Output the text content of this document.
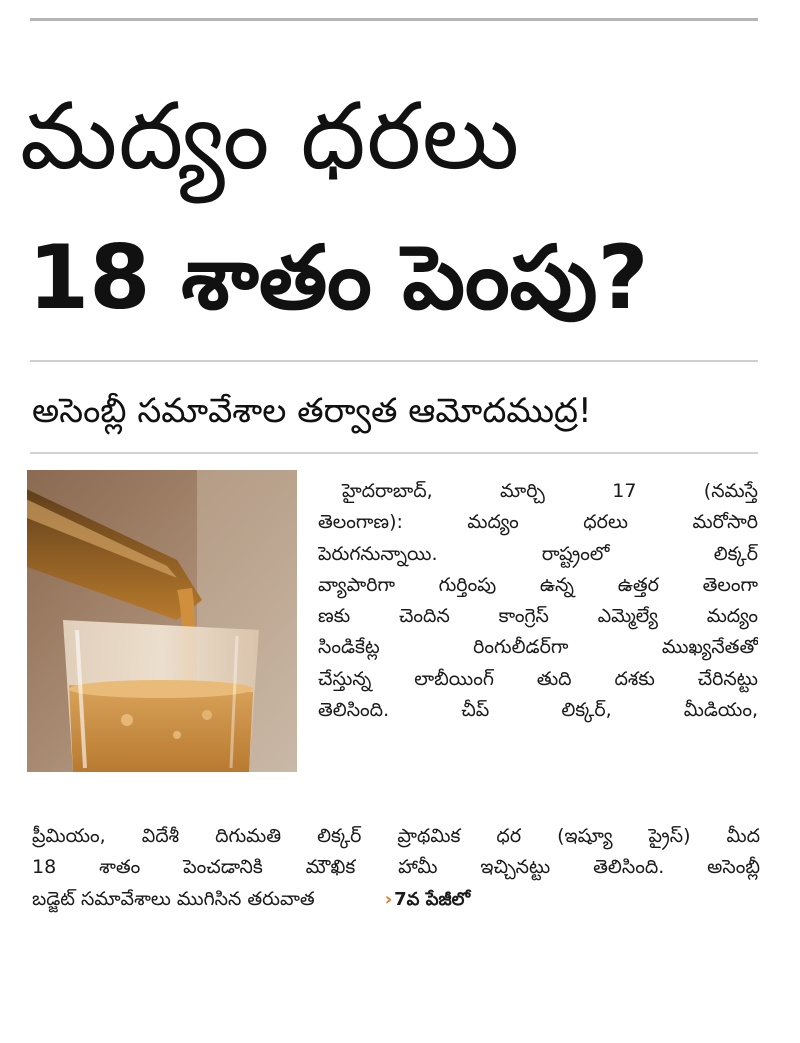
మద్యం ధరలు
18 శాతం పెంపు?
అసెంబ్లీ సమావేశాల తర్వాత ఆమోదముద్ర!
హైదరాబాద్, మార్చి 17 (నమస్తే
తెలంగాణ): మద్యం ధరలు మరోసారి
పెరుగనున్నాయి. రాష్ట్రంలో లిక్కర్
వ్యాపారిగా గుర్తింపు ఉన్న ఉత్తర తెలంగా
ణకు చెందిన కాంగ్రెస్ ఎమ్మెల్యే మద్యం
సిండికేట్ల రింగులీడర్‌గా ముఖ్యనేతతో
చేస్తున్న లాబీయింగ్ తుది దశకు చేరినట్టు
తెలిసింది. చీప్ లిక్కర్, మీడియం,
ప్రీమియం, విదేశీ దిగుమతి లిక్కర్ ప్రాథమిక ధర (ఇష్యూ ప్రైస్) మీద
18 శాతం పెంచడానికి మౌఖిక హామీ ఇచ్చినట్టు తెలిసింది. అసెంబ్లీ
బడ్జెట్ సమావేశాలు ముగిసిన తరువాత	› 7వ పేజీలో
